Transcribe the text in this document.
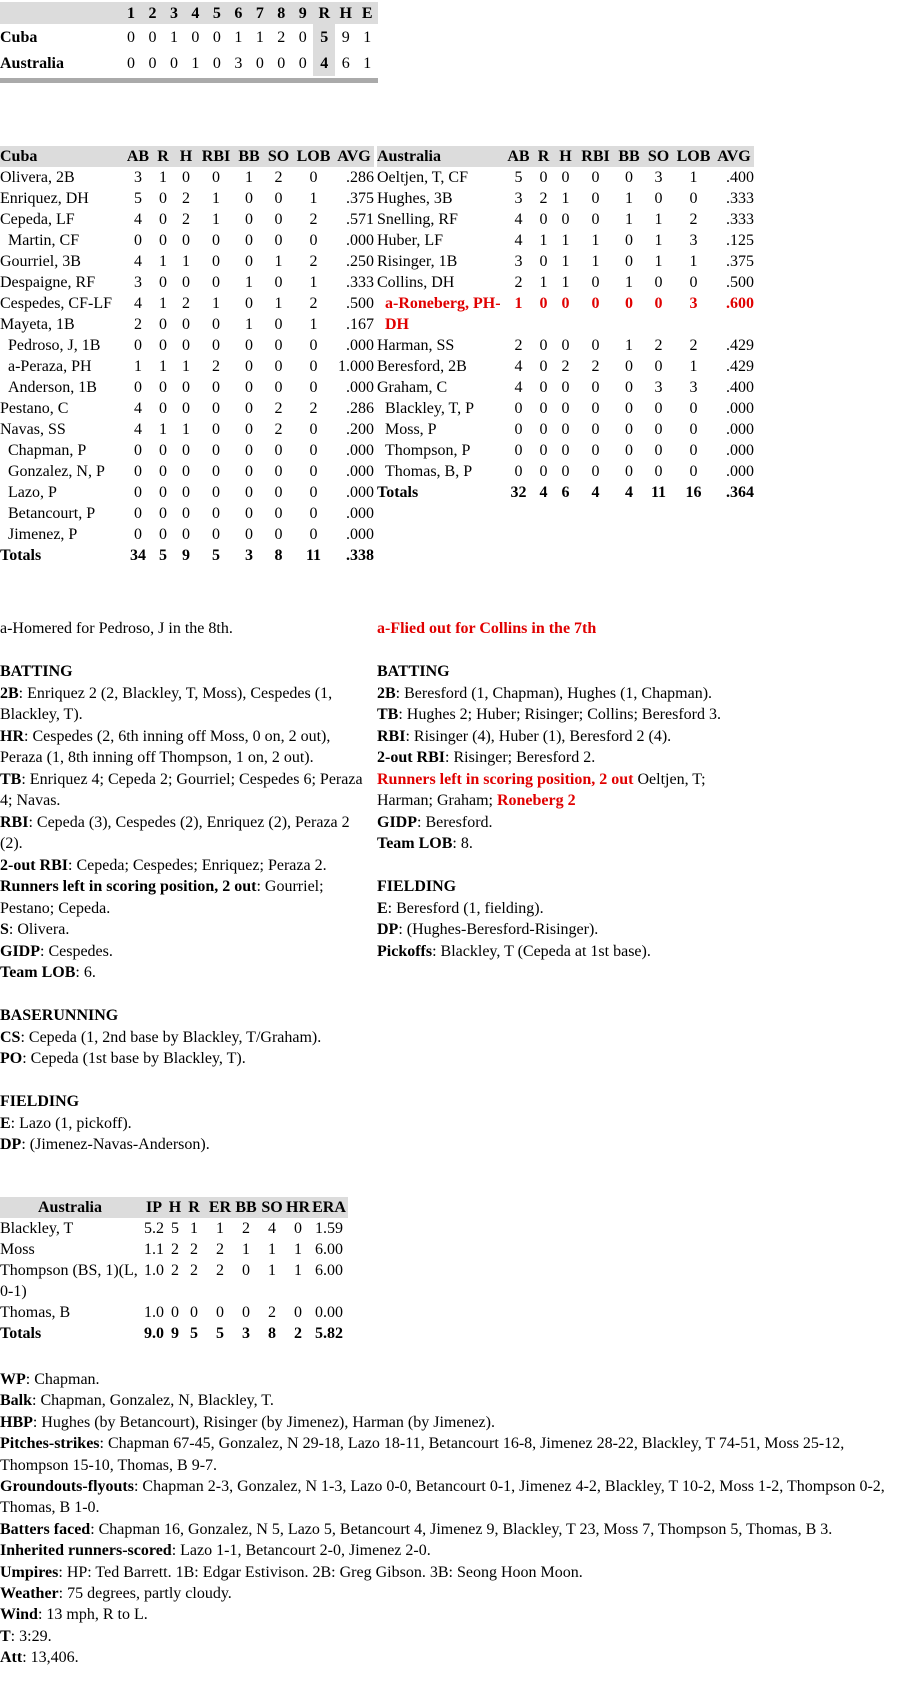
	1	2	3	4	5	6	7	8	9	R	H	E
Cuba	0	0	1	0	0	1	1	2	0	5	9	1
Australia	0	0	0	1	0	3	0	0	0	4	6	1
Cuba	AB	R	H	RBI	BB	SO	LOB	AVG
Olivera, 2B	3	1	0	0	1	2	0	.286
Enriquez, DH	5	0	2	1	0	0	1	.375
Cepeda, LF	4	0	2	1	0	0	2	.571
Martin, CF	0	0	0	0	0	0	0	.000
Gourriel, 3B	4	1	1	0	0	1	2	.250
Despaigne, RF	3	0	0	0	1	0	1	.333
Cespedes, CF-LF	4	1	2	1	0	1	2	.500
Mayeta, 1B	2	0	0	0	1	0	1	.167
Pedroso, J, 1B	0	0	0	0	0	0	0	.000
a-Peraza, PH	1	1	1	2	0	0	0	1.000
Anderson, 1B	0	0	0	0	0	0	0	.000
Pestano, C	4	0	0	0	0	2	2	.286
Navas, SS	4	1	1	0	0	2	0	.200
Chapman, P	0	0	0	0	0	0	0	.000
Gonzalez, N, P	0	0	0	0	0	0	0	.000
Lazo, P	0	0	0	0	0	0	0	.000
Betancourt, P	0	0	0	0	0	0	0	.000
Jimenez, P	0	0	0	0	0	0	0	.000
Totals	34	5	9	5	3	8	11	.338
Australia	AB	R	H	RBI	BB	SO	LOB	AVG
Oeltjen, T, CF	5	0	0	0	0	3	1	.400
Hughes, 3B	3	2	1	0	1	0	0	.333
Snelling, RF	4	0	0	0	1	1	2	.333
Huber, LF	4	1	1	1	0	1	3	.125
Risinger, 1B	3	0	1	1	0	1	1	.375
Collins, DH	2	1	1	0	1	0	0	.500
a-Roneberg, PH-DH	1	0	0	0	0	0	3	.600
Harman, SS	2	0	0	0	1	2	2	.429
Beresford, 2B	4	0	2	2	0	0	1	.429
Graham, C	4	0	0	0	0	3	3	.400
Blackley, T, P	0	0	0	0	0	0	0	.000
Moss, P	0	0	0	0	0	0	0	.000
Thompson, P	0	0	0	0	0	0	0	.000
Thomas, B, P	0	0	0	0	0	0	0	.000
Totals	32	4	6	4	4	11	16	.364

a-Homered for Pedroso, J in the 8th.

BATTING

2B: Enriquez 2 (2, Blackley, T, Moss), Cespedes (1, Blackley, T).

HR: Cespedes (2, 6th inning off Moss, 0 on, 2 out), Peraza (1, 8th inning off Thompson, 1 on, 2 out).

TB: Enriquez 4; Cepeda 2; Gourriel; Cespedes 6; Peraza 4; Navas.

RBI: Cepeda (3), Cespedes (2), Enriquez (2), Peraza 2 (2).

2-out RBI: Cepeda; Cespedes; Enriquez; Peraza 2.

Runners left in scoring position, 2 out: Gourriel; Pestano; Cepeda.

S: Olivera.

GIDP: Cespedes.

Team LOB: 6.

BASERUNNING

CS: Cepeda (1, 2nd base by Blackley, T/Graham).

PO: Cepeda (1st base by Blackley, T).

FIELDING

E: Lazo (1, pickoff).

DP: (Jimenez-Navas-Anderson).

a-Flied out for Collins in the 7th

BATTING

2B: Beresford (1, Chapman), Hughes (1, Chapman).

TB: Hughes 2; Huber; Risinger; Collins; Beresford 3.

RBI: Risinger (4), Huber (1), Beresford 2 (4).

2-out RBI: Risinger; Beresford 2.

Runners left in scoring position, 2 out Oeltjen, T; Harman; Graham; Roneberg 2

GIDP: Beresford.

Team LOB: 8.

FIELDING

E: Beresford (1, fielding).

DP: (Hughes-Beresford-Risinger).

Pickoffs: Blackley, T (Cepeda at 1st base).

Australia	IP	H	R	ER	BB	SO	HR	ERA
Blackley, T	5.2	5	1	1	2	4	0	1.59
Moss	1.1	2	2	2	1	1	1	6.00
Thompson (BS, 1)(L, 0-1)	1.0	2	2	2	0	1	1	6.00
Thomas, B	1.0	0	0	0	0	2	0	0.00
Totals	9.0	9	5	5	3	8	2	5.82

WP: Chapman.

Balk: Chapman, Gonzalez, N, Blackley, T.

HBP: Hughes (by Betancourt), Risinger (by Jimenez), Harman (by Jimenez).

Pitches-strikes: Chapman 67-45, Gonzalez, N 29-18, Lazo 18-11, Betancourt 16-8, Jimenez 28-22, Blackley, T 74-51, Moss 25-12, Thompson 15-10, Thomas, B 9-7.

Groundouts-flyouts: Chapman 2-3, Gonzalez, N 1-3, Lazo 0-0, Betancourt 0-1, Jimenez 4-2, Blackley, T 10-2, Moss 1-2, Thompson 0-2, Thomas, B 1-0.

Batters faced: Chapman 16, Gonzalez, N 5, Lazo 5, Betancourt 4, Jimenez 9, Blackley, T 23, Moss 7, Thompson 5, Thomas, B 3.

Inherited runners-scored: Lazo 1-1, Betancourt 2-0, Jimenez 2-0.

Umpires: HP: Ted Barrett. 1B: Edgar Estivison. 2B: Greg Gibson. 3B: Seong Hoon Moon.

Weather: 75 degrees, partly cloudy.

Wind: 13 mph, R to L.

T: 3:29.

Att: 13,406.
